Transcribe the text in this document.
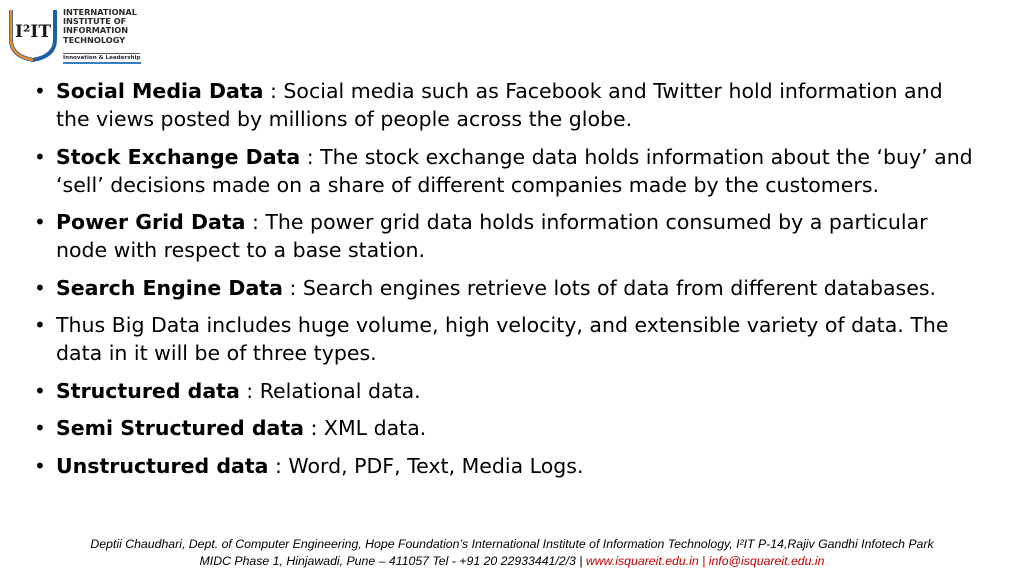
I²IT
INTERNATIONAL
INSTITUTE OF
INFORMATION
TECHNOLOGY
Innovation & Leadership
• Social Media Data : Social media such as Facebook and Twitter hold information and the views posted by millions of people across the globe.
• Stock Exchange Data : The stock exchange data holds information about the ‘buy’ and ‘sell’ decisions made on a share of different companies made by the customers.
• Power Grid Data : The power grid data holds information consumed by a particular node with respect to a base station.
• Search Engine Data : Search engines retrieve lots of data from different databases.
• Thus Big Data includes huge volume, high velocity, and extensible variety of data. The data in it will be of three types.
• Structured data : Relational data.
• Semi Structured data : XML data.
• Unstructured data : Word, PDF, Text, Media Logs.
Deptii Chaudhari, Dept. of Computer Engineering, Hope Foundation’s International Institute of Information Technology, I²IT P-14,Rajiv Gandhi Infotech Park
MIDC Phase 1, Hinjawadi, Pune – 411057 Tel - +91 20 22933441/2/3 | www.isquareit.edu.in | info@isquareit.edu.in
